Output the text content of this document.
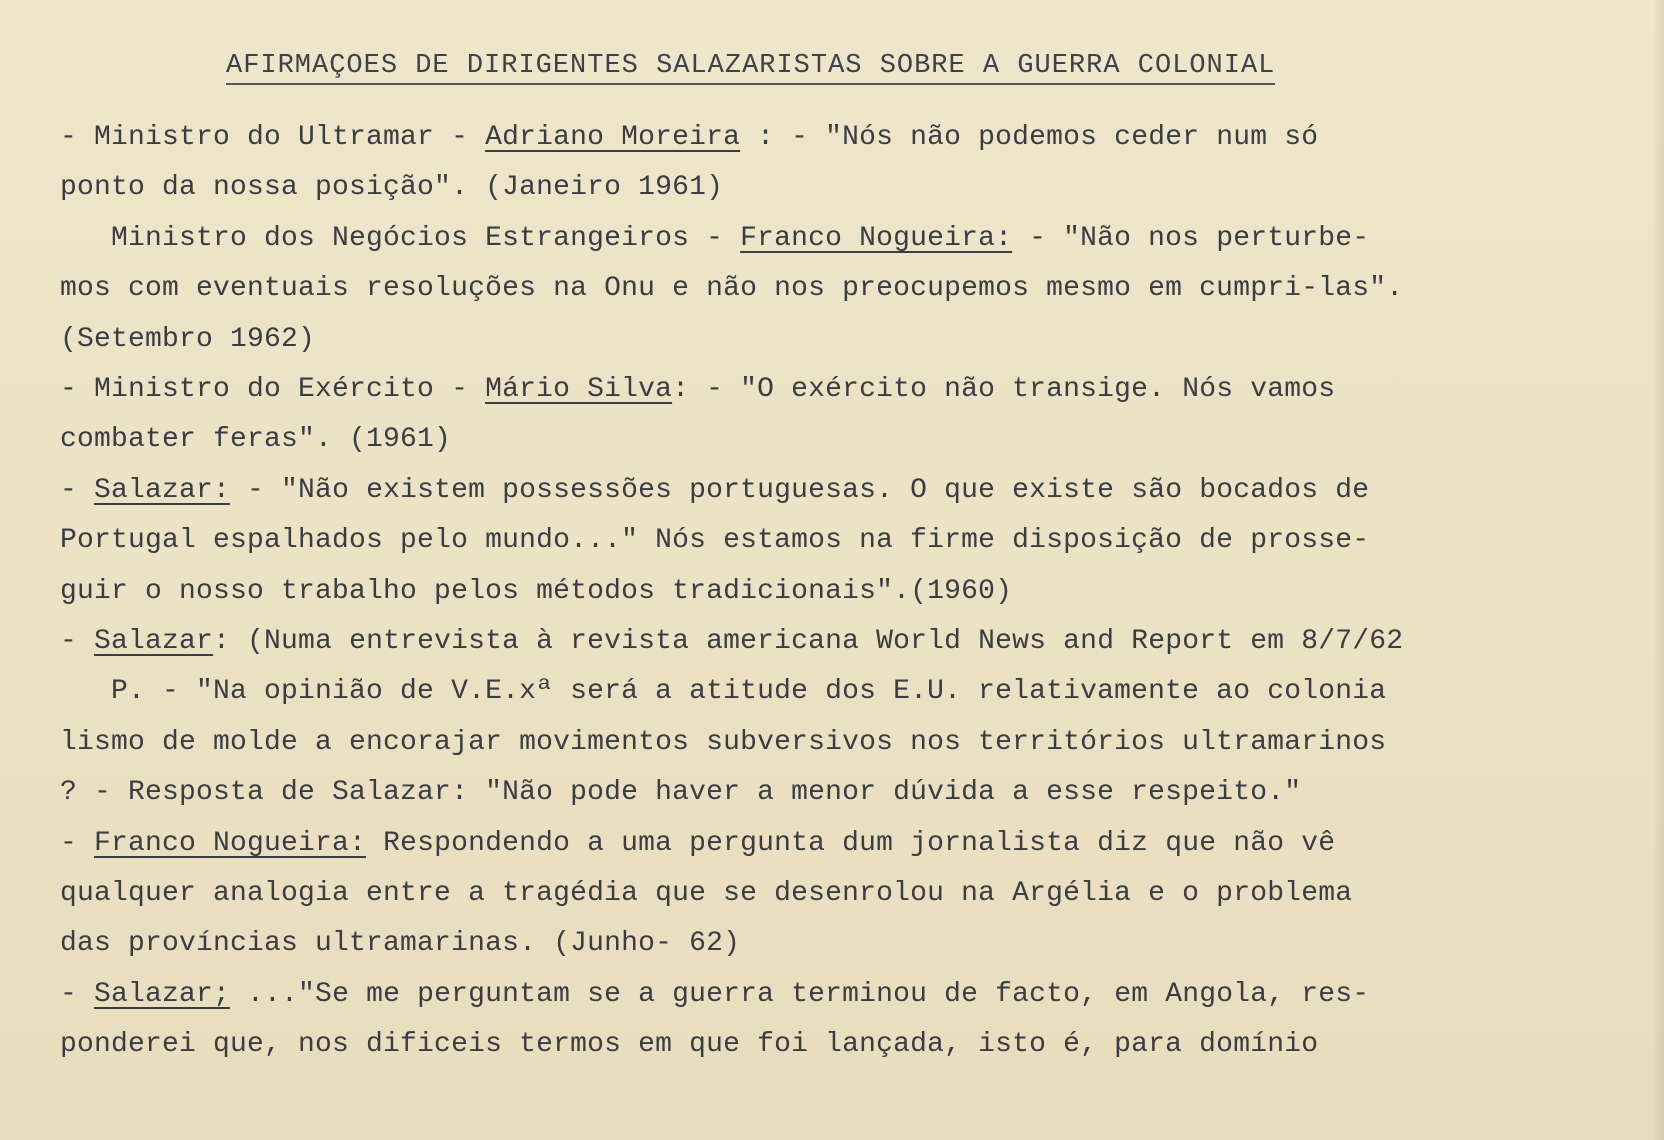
AFIRMAÇOES DE DIRIGENTES SALAZARISTAS SOBRE A GUERRA COLONIAL
- Ministro do Ultramar - Adriano Moreira : - "Nós não podemos ceder num só
ponto da nossa posição". (Janeiro 1961)
Ministro dos Negócios Estrangeiros - Franco Nogueira: - "Não nos perturbe-
mos com eventuais resoluções na Onu e não nos preocupemos mesmo em cumpri-las".
(Setembro 1962)
- Ministro do Exército - Mário Silva: - "O exército não transige. Nós vamos
combater feras". (1961)
- Salazar: - "Não existem possessões portuguesas. O que existe são bocados de
Portugal espalhados pelo mundo..." Nós estamos na firme disposição de prosse-
guir o nosso trabalho pelos métodos tradicionais".(1960)
- Salazar: (Numa entrevista à revista americana World News and Report em 8/7/62
P. - "Na opinião de V.E.xª será a atitude dos E.U. relativamente ao colonia
lismo de molde a encorajar movimentos subversivos nos territórios ultramarinos
? - Resposta de Salazar: "Não pode haver a menor dúvida a esse respeito."
- Franco Nogueira: Respondendo a uma pergunta dum jornalista diz que não vê
qualquer analogia entre a tragédia que se desenrolou na Argélia e o problema
das províncias ultramarinas. (Junho- 62)
- Salazar; ..."Se me perguntam se a guerra terminou de facto, em Angola, res-
ponderei que, nos dificeis termos em que foi lançada, isto é, para domínio
